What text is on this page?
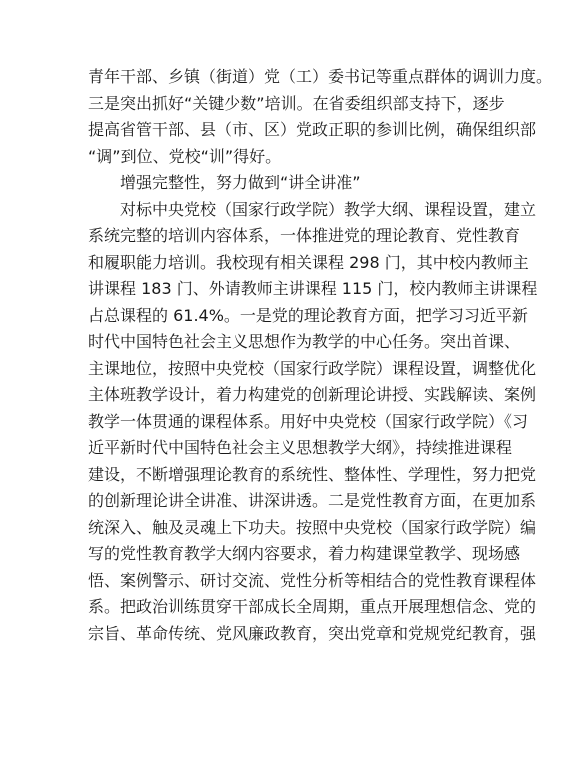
青年干部、乡镇（街道）党（工）委书记等重点群体的调训力度。
三是突出抓好“关键少数”培训。在省委组织部支持下，逐步
提高省管干部、县（市、区）党政正职的参训比例，确保组织部
“调”到位、党校“训”得好。
增强完整性，努力做到“讲全讲准”
对标中央党校（国家行政学院）教学大纲、课程设置，建立
系统完整的培训内容体系，一体推进党的理论教育、党性教育
和履职能力培训。我校现有相关课程 298 门，其中校内教师主
讲课程 183 门、外请教师主讲课程 115 门，校内教师主讲课程
占总课程的 61.4%。一是党的理论教育方面，把学习习近平新
时代中国特色社会主义思想作为教学的中心任务。突出首课、
主课地位，按照中央党校（国家行政学院）课程设置，调整优化
主体班教学设计，着力构建党的创新理论讲授、实践解读、案例
教学一体贯通的课程体系。用好中央党校（国家行政学院）《习
近平新时代中国特色社会主义思想教学大纲》，持续推进课程
建设，不断增强理论教育的系统性、整体性、学理性，努力把党
的创新理论讲全讲准、讲深讲透。二是党性教育方面，在更加系
统深入、触及灵魂上下功夫。按照中央党校（国家行政学院）编
写的党性教育教学大纲内容要求，着力构建课堂教学、现场感
悟、案例警示、研讨交流、党性分析等相结合的党性教育课程体
系。把政治训练贯穿干部成长全周期，重点开展理想信念、党的
宗旨、革命传统、党风廉政教育，突出党章和党规党纪教育，强
